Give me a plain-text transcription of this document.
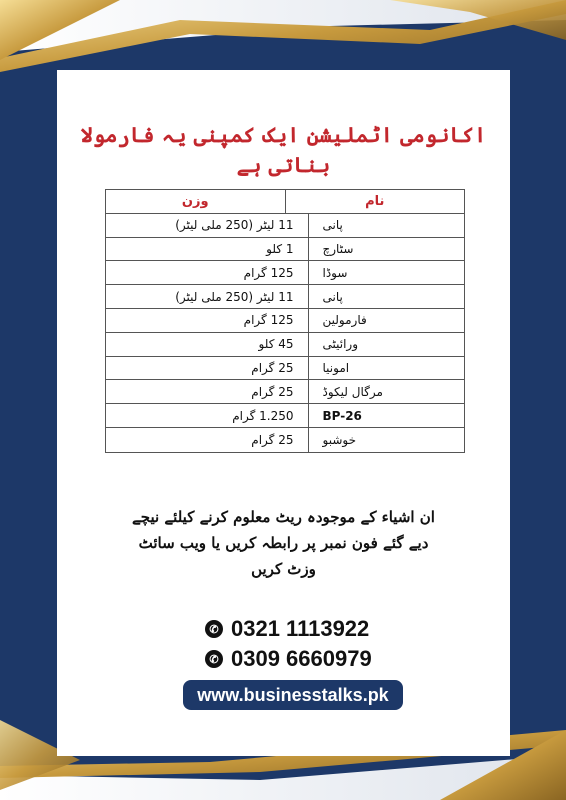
اکانومی اٹملیشن ایک کمپنی یہ فارمولا بناتی ہے
وزن	نام
11 لیٹر (250 ملی لیٹر)	پانی
1 کلو	سٹارچ
125 گرام	سوڈا
11 لیٹر (250 ملی لیٹر)	پانی
125 گرام	فارمولین
45 کلو	ورائیٹی
25 گرام	امونیا
25 گرام	مرگال لیکوڈ
1.250 گرام	BP-26
25 گرام	خوشبو
ان اشیاء کے موجودہ ریٹ معلوم کرنے کیلئے نیچے
دیے گئے فون نمبر پر رابطہ کریں یا ویب سائٹ
وزٹ کریں
✆ 0321 1113922
✆ 0309 6660979
www.businesstalks.pk
